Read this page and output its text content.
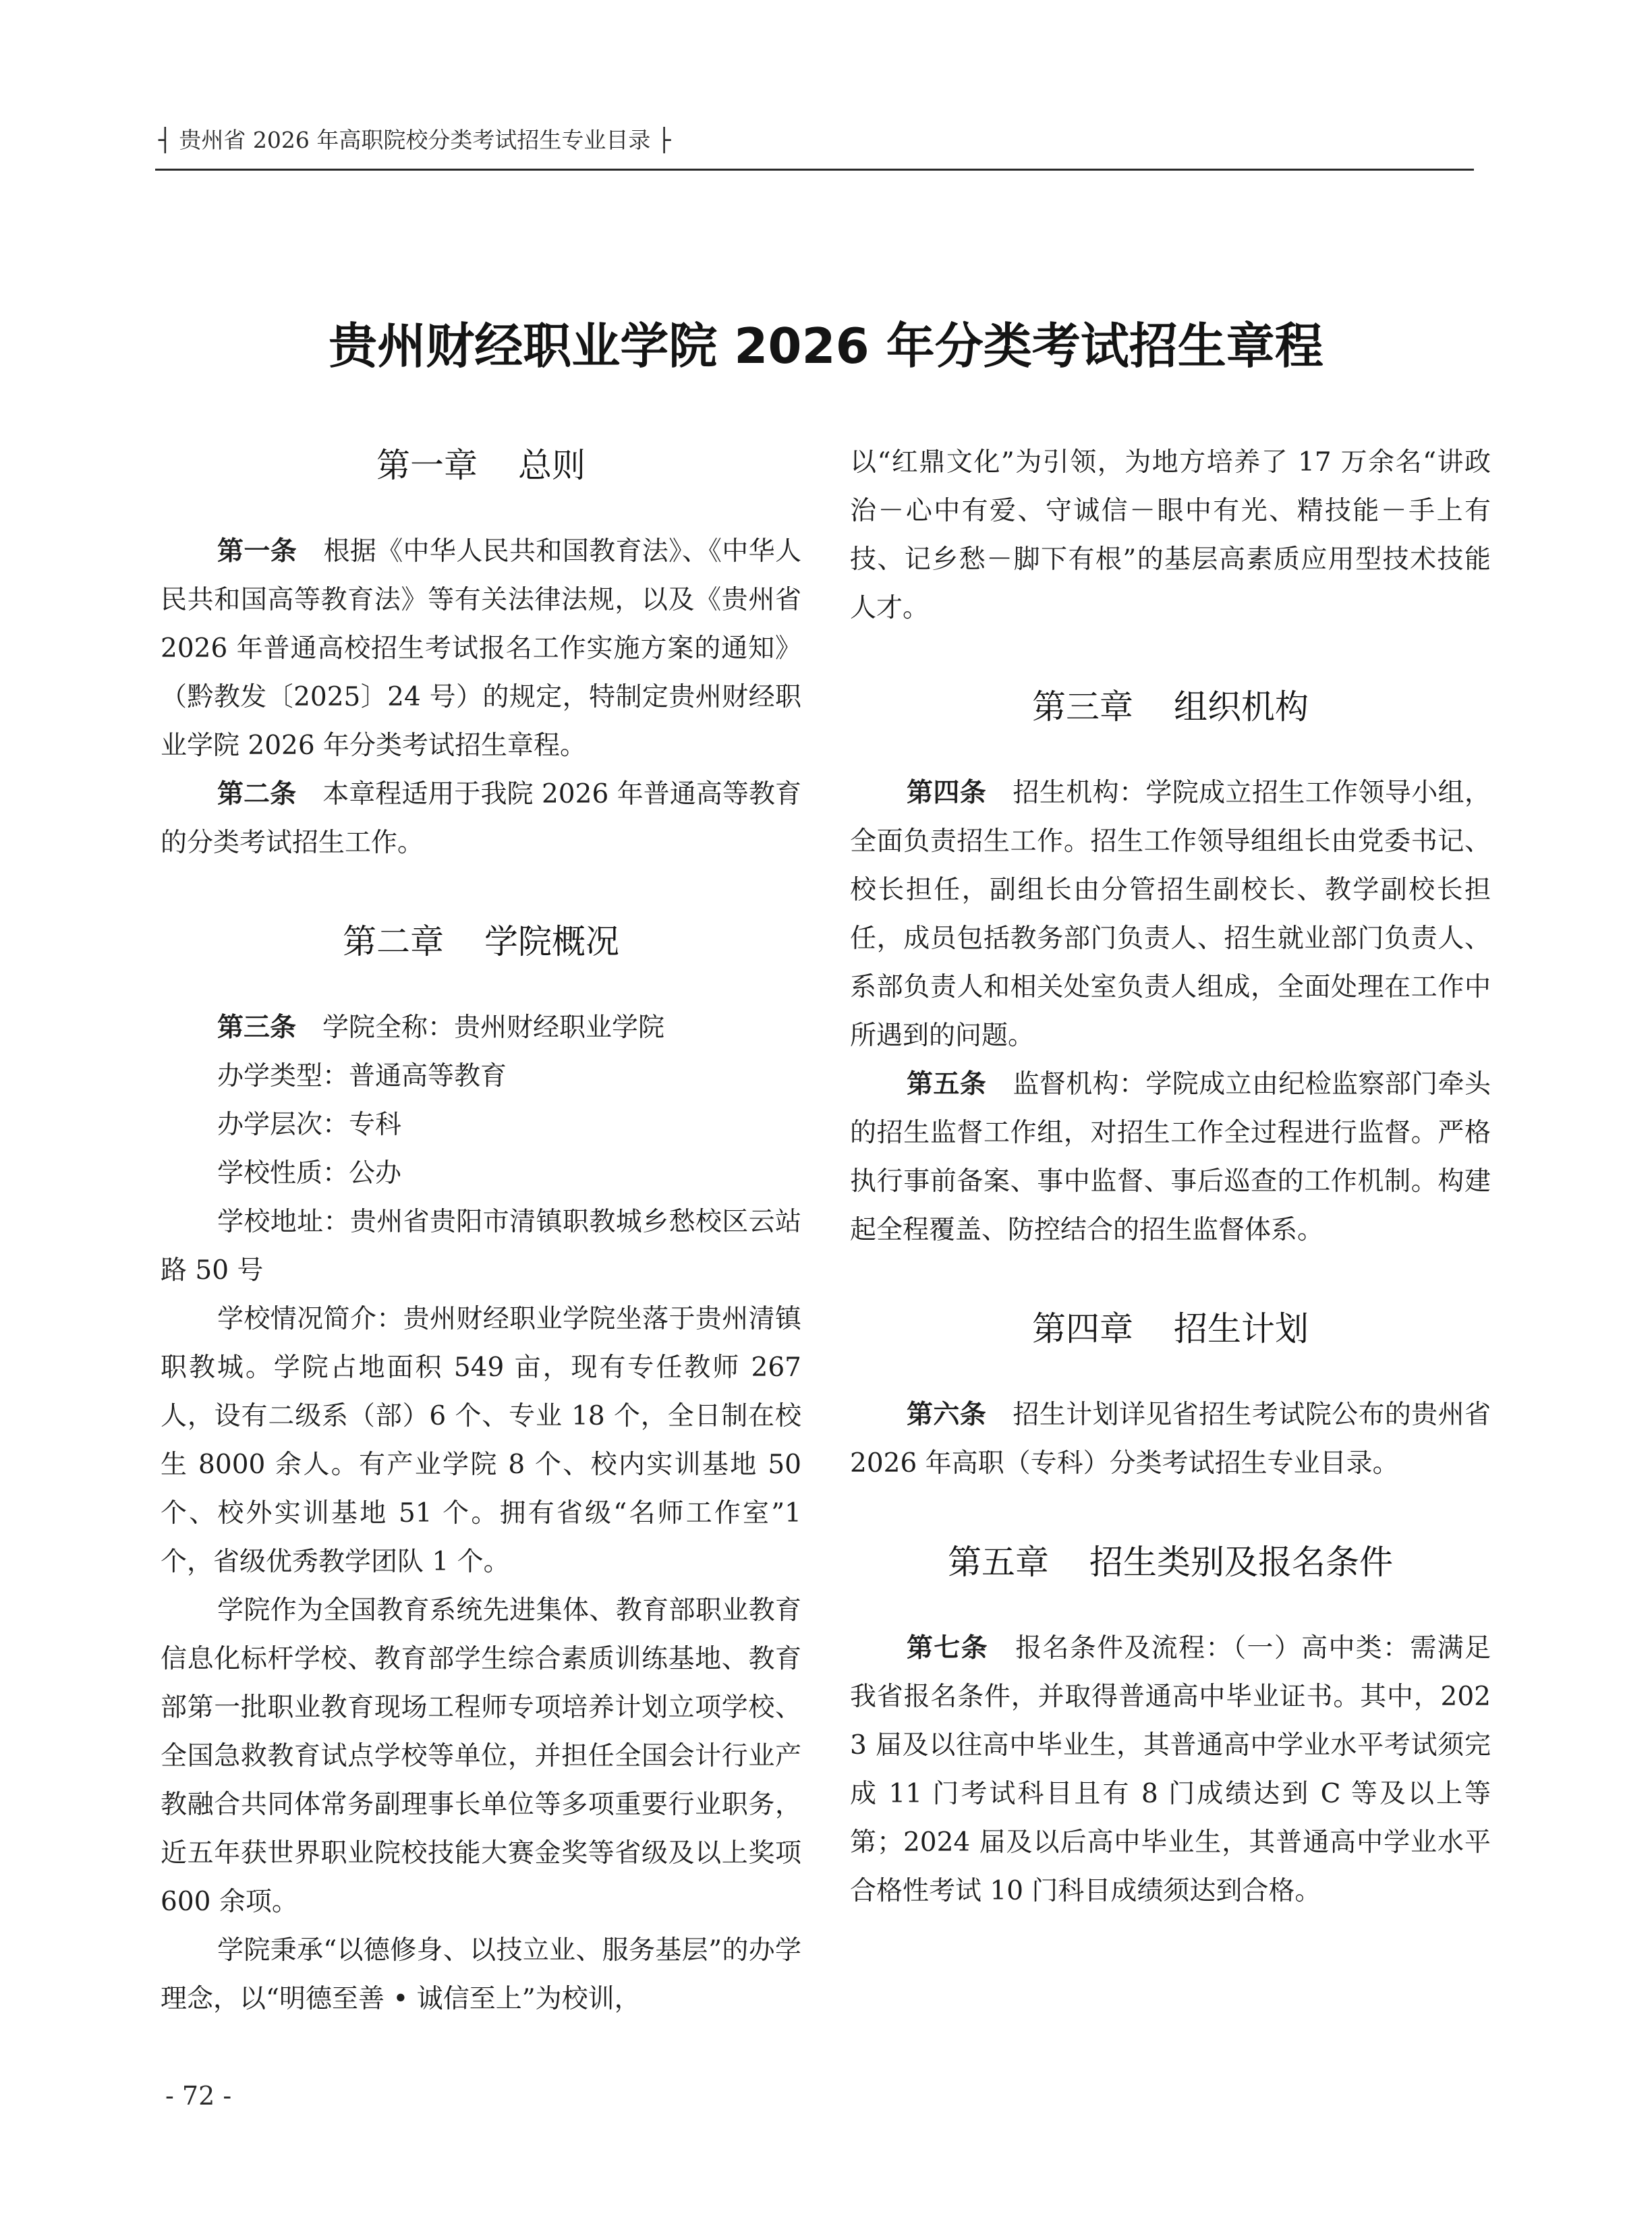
┤ 贵州省 2026 年高职院校分类考试招生专业目录 ├
贵州财经职业学院 2026 年分类考试招生章程
第一章 总则

第一条　 根据《中华人民共和国教育法》、《中华人民共和国高等教育法》等有关法律法规，以及《贵州省 2026 年普通高校招生考试报名工作实施方案的通知》（黔教发〔2025〕24 号）的规定，特制定贵州财经职业学院 2026 年分类考试招生章程。

第二条　 本章程适用于我院 2026 年普通高等教育的分类考试招生工作。

第二章 学院概况

第三条　 学院全称：贵州财经职业学院

办学类型：普通高等教育

办学层次：专科

学校性质：公办

学校地址：贵州省贵阳市清镇职教城乡愁校区云站路 50 号

学校情况简介：贵州财经职业学院坐落于贵州清镇职教城。学院占地面积 549 亩，现有专任教师 267 人，设有二级系（部）6 个、专业 18 个，全日制在校生 8000 余人。有产业学院 8 个、校内实训基地 50 个、校外实训基地 51 个。拥有省级“名师工作室”1 个，省级优秀教学团队 1 个。

学院作为全国教育系统先进集体、教育部职业教育信息化标杆学校、教育部学生综合素质训练基地、教育部第一批职业教育现场工程师专项培养计划立项学校、全国急救教育试点学校等单位，并担任全国会计行业产教融合共同体常务副理事长单位等多项重要行业职务，近五年获世界职业院校技能大赛金奖等省级及以上奖项 600 余项。

学院秉承“以德修身、以技立业、服务基层”的办学理念，以“明德至善 • 诚信至上”为校训，

以“红鼎文化”为引领，为地方培养了 17 万余名“讲政治－心中有爱、守诚信－眼中有光、精技能－手上有技、记乡愁－脚下有根”的基层高素质应用型技术技能人才。

第三章 组织机构

第四条　 招生机构：学院成立招生工作领导小组，全面负责招生工作。招生工作领导组组长由党委书记、校长担任，副组长由分管招生副校长、教学副校长担任，成员包括教务部门负责人、招生就业部门负责人、系部负责人和相关处室负责人组成，全面处理在工作中所遇到的问题。

第五条　 监督机构：学院成立由纪检监察部门牵头的招生监督工作组，对招生工作全过程进行监督。严格执行事前备案、事中监督、事后巡查的工作机制。构建起全程覆盖、防控结合的招生监督体系。

第四章 招生计划

第六条　 招生计划详见省招生考试院公布的贵州省 2026 年高职（专科）分类考试招生专业目录。

第五章 招生类别及报名条件

第七条　 报名条件及流程：（一）高中类：需满足我省报名条件，并取得普通高中毕业证书。其中，2023 届及以往高中毕业生，其普通高中学业水平考试须完成 11 门考试科目且有 8 门成绩达到 C 等及以上等第；2024 届及以后高中毕业生，其普通高中学业水平合格性考试 10 门科目成绩须达到合格。

- 72 -
